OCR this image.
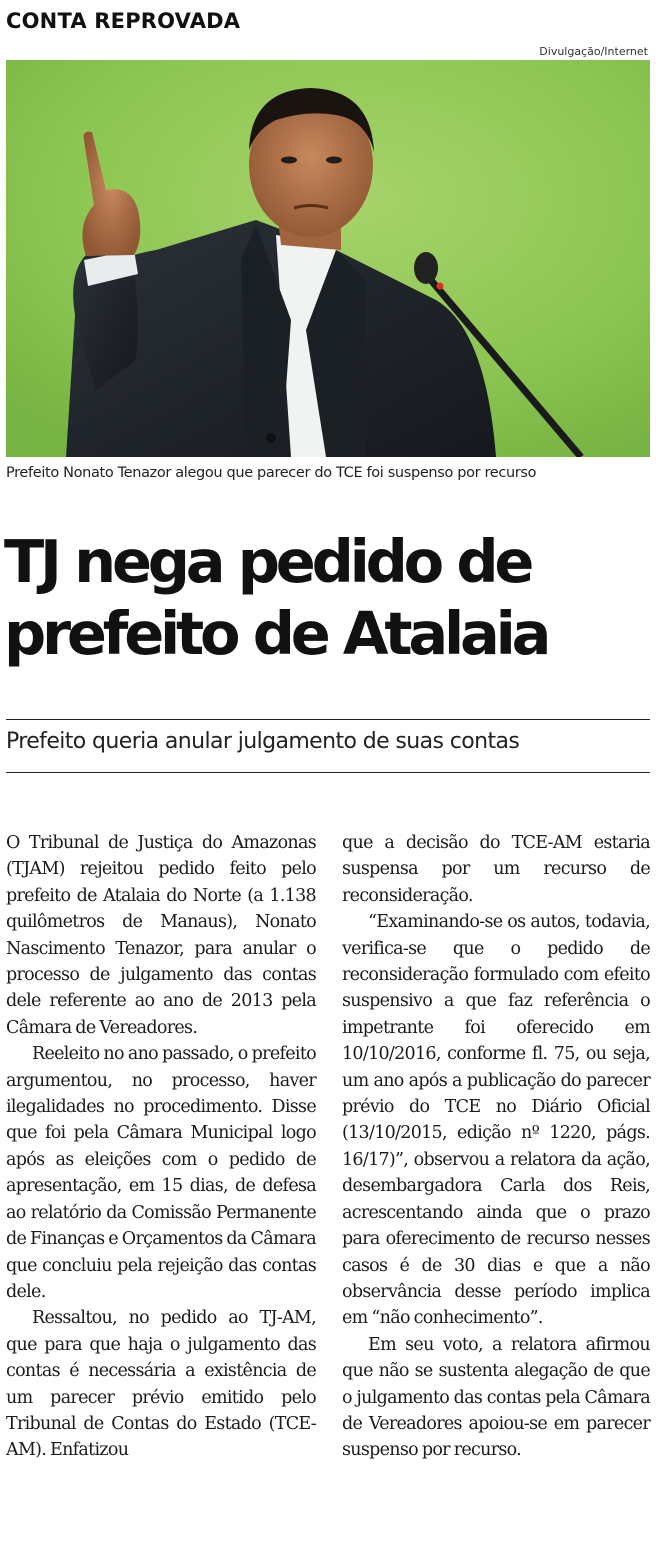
CONTA REPROVADA
Divulgação/Internet
Prefeito Nonato Tenazor alegou que parecer do TCE foi suspenso por recurso
TJ nega pedido de
prefeito de Atalaia
Prefeito queria anular julgamento de suas contas

O Tribunal de Justiça do Amazonas (TJAM) rejeitou pedido feito pelo prefeito de Atalaia do Norte (a 1.138 quilômetros de Manaus), Nonato Nascimento Tenazor, para anular o processo de julgamento das contas dele referente ao ano de 2013 pela Câmara de Vereadores.

Reeleito no ano passado, o prefeito argumentou, no processo, haver ilegalidades no procedimento. Disse que foi pela Câmara Municipal logo após as eleições com o pedido de apresentação, em 15 dias, de defesa ao relatório da Comissão Permanente de Finanças e Orçamentos da Câmara que concluiu pela rejeição das contas dele.

Ressaltou, no pedido ao TJ-AM, que para que haja o julgamento das contas é necessária a existência de um parecer prévio emitido pelo Tribunal de Contas do Estado (TCE-AM). Enfatizou

que a decisão do TCE-AM estaria suspensa por um recurso de reconsideração.

“Examinando-se os autos, todavia, verifica-se que o pedido de reconsideração formulado com efeito suspensivo a que faz referência o impetrante foi oferecido em 10/10/2016, conforme fl. 75, ou seja, um ano após a publicação do parecer prévio do TCE no Diário Oficial (13/10/2015, edição nº 1220, págs. 16/17)”, observou a relatora da ação, desembargadora Carla dos Reis, acrescentando ainda que o prazo para oferecimento de recurso nesses casos é de 30 dias e que a não observância desse período implica em “não conhecimento”.

Em seu voto, a relatora afirmou que não se sustenta alegação de que o julgamento das contas pela Câmara de Vereadores apoiou-se em parecer suspenso por recurso.
